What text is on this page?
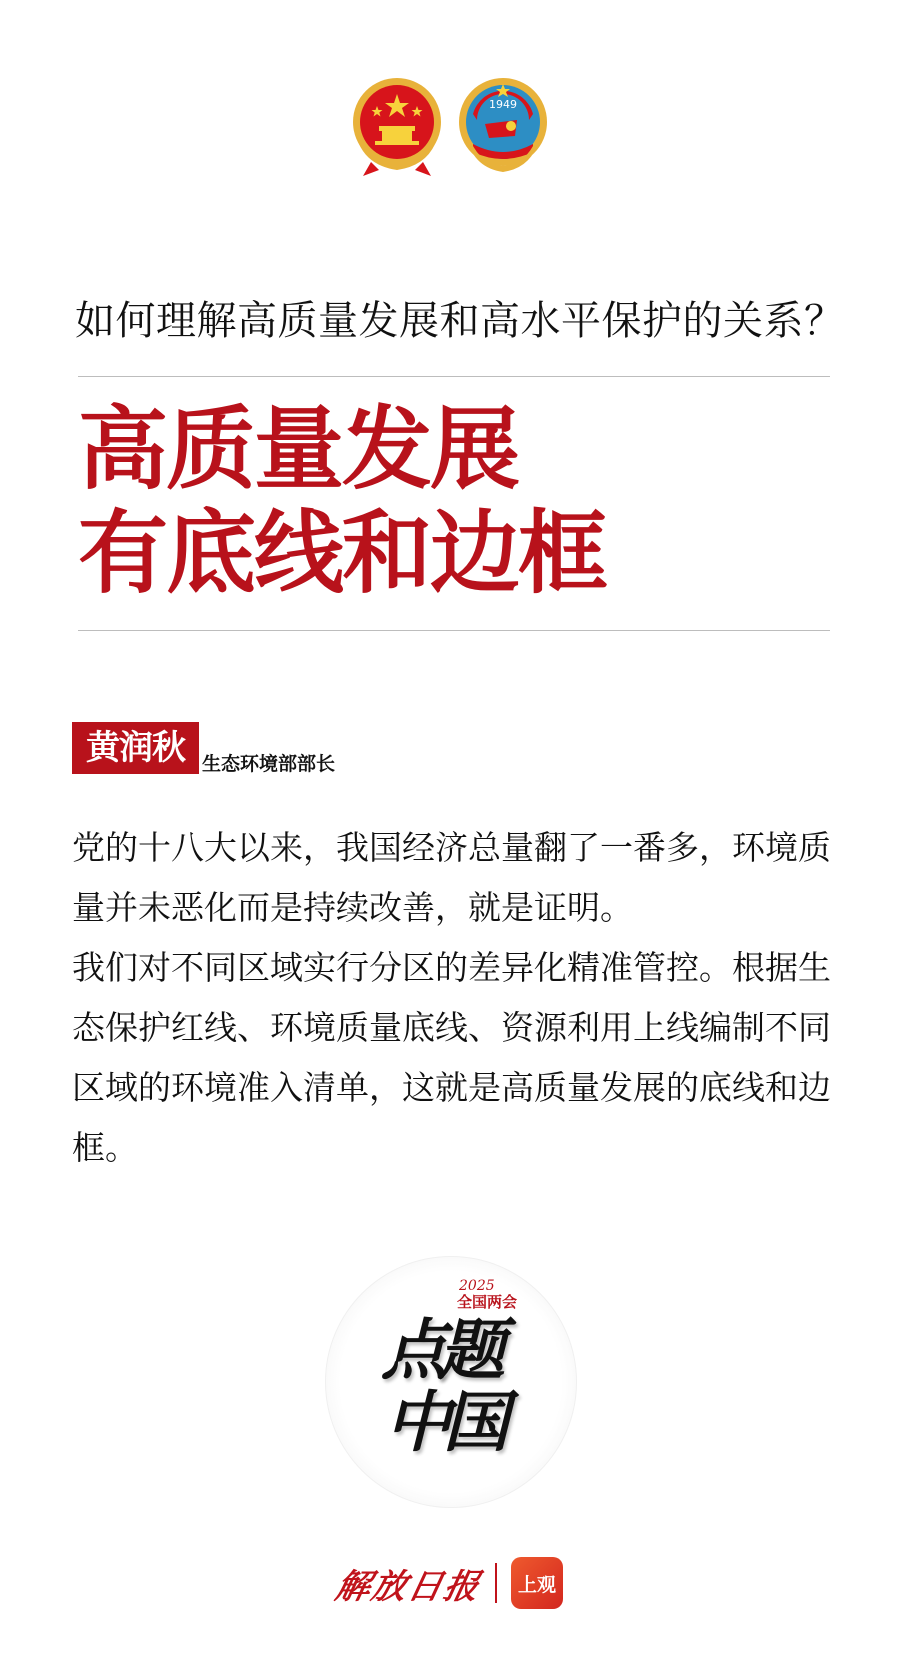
1949
如何理解高质量发展和高水平保护的关系？
高质量发展
有底线和边框
黄润秋 生态环境部部长

党的十八大以来，我国经济总量翻了一番多，环境质量并未恶化而是持续改善，就是证明。

我们对不同区域实行分区的差异化精准管控。根据生态保护红线、环境质量底线、资源利用上线编制不同区域的环境准入清单，这就是高质量发展的底线和边框。

2025
全国两会
点题
中国
解放日报	上观
